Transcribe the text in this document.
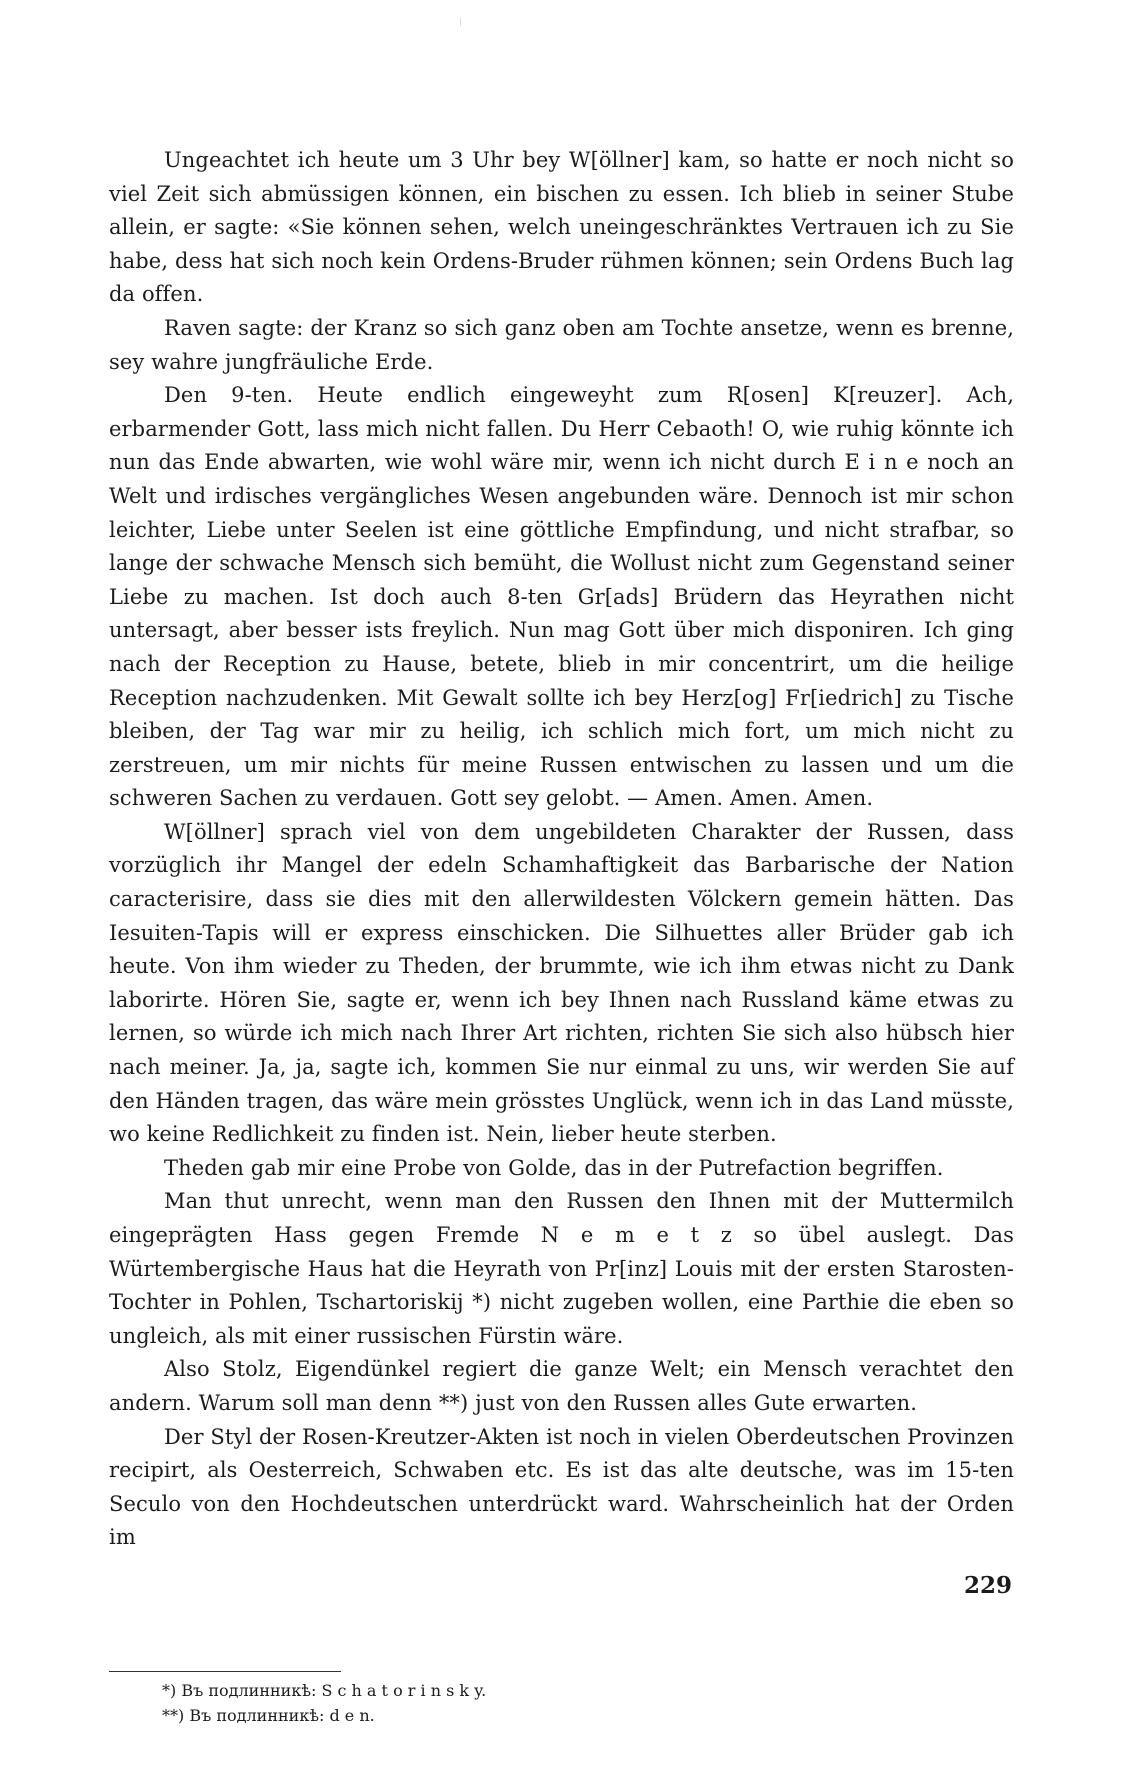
Ungeachtet ich heute um 3 Uhr bey W[öllner] kam, so hatte er noch nicht so viel Zeit sich abmüssigen können, ein bischen zu essen. Ich blieb in seiner Stube allein, er sagte: «Sie können sehen, welch uneingeschränktes Vertrauen ich zu Sie habe, dess hat sich noch kein Ordens-Bruder rühmen können; sein Ordens Buch lag da offen.

Raven sagte: der Kranz so sich ganz oben am Tochte ansetze, wenn es brenne, sey wahre jungfräuliche Erde.

Den 9-ten. Heute endlich eingeweyht zum R[osen] K[reuzer]. Ach, erbarmender Gott, lass mich nicht fallen. Du Herr Cebaoth! O, wie ruhig könnte ich nun das Ende abwarten, wie wohl wäre mir, wenn ich nicht durch E i n e noch an Welt und irdisches vergängliches Wesen angebunden wäre. Dennoch ist mir schon leichter, Liebe unter Seelen ist eine göttliche Empfindung, und nicht strafbar, so lange der schwache Mensch sich bemüht, die Wollust nicht zum Gegenstand seiner Liebe zu machen. Ist doch auch 8-ten Gr[ads] Brüdern das Heyrathen nicht untersagt, aber besser ists freylich. Nun mag Gott über mich disponiren. Ich ging nach der Reception zu Hause, betete, blieb in mir concentrirt, um die heilige Reception nachzudenken. Mit Gewalt sollte ich bey Herz[og] Fr[iedrich] zu Tische bleiben, der Tag war mir zu heilig, ich schlich mich fort, um mich nicht zu zerstreuen, um mir nichts für meine Russen entwischen zu lassen und um die schweren Sachen zu verdauen. Gott sey gelobt. — Amen. Amen. Amen.

W[öllner] sprach viel von dem ungebildeten Charakter der Russen, dass vorzüglich ihr Mangel der edeln Schamhaftigkeit das Barbarische der Nation caracterisire, dass sie dies mit den allerwildesten Völckern gemein hätten. Das Iesuiten-Tapis will er express einschicken. Die Silhuettes aller Brüder gab ich heute. Von ihm wieder zu Theden, der brummte, wie ich ihm etwas nicht zu Dank laborirte. Hören Sie, sagte er, wenn ich bey Ihnen nach Russland käme etwas zu lernen, so würde ich mich nach Ihrer Art richten, richten Sie sich also hübsch hier nach meiner. Ja, ja, sagte ich, kommen Sie nur einmal zu uns, wir werden Sie auf den Händen tragen, das wäre mein grösstes Unglück, wenn ich in das Land müsste, wo keine Redlichkeit zu finden ist. Nein, lieber heute sterben.

Theden gab mir eine Probe von Golde, das in der Putrefaction begriffen.

Man thut unrecht, wenn man den Russen den Ihnen mit der Muttermilch eingeprägten Hass gegen Fremde N e m e t z so übel auslegt. Das Würtembergische Haus hat die Heyrath von Pr[inz] Louis mit der ersten Starosten-Tochter in Pohlen, Tschartoriskij *) nicht zugeben wollen, eine Parthie die eben so ungleich, als mit einer russischen Fürstin wäre.

Also Stolz, Eigendünkel regiert die ganze Welt; ein Mensch verachtet den andern. Warum soll man denn **) just von den Russen alles Gute erwarten.

Der Styl der Rosen-Kreutzer-Akten ist noch in vielen Oberdeutschen Provinzen recipirt, als Oesterreich, Schwaben etc. Es ist das alte deutsche, was im 15-ten Seculo von den Hochdeutschen unterdrückt ward. Wahrscheinlich hat der Orden im

*) Въ подлинникѣ: S c h a t o r i n s k y.
**) Въ подлинникѣ: d e n.
229
